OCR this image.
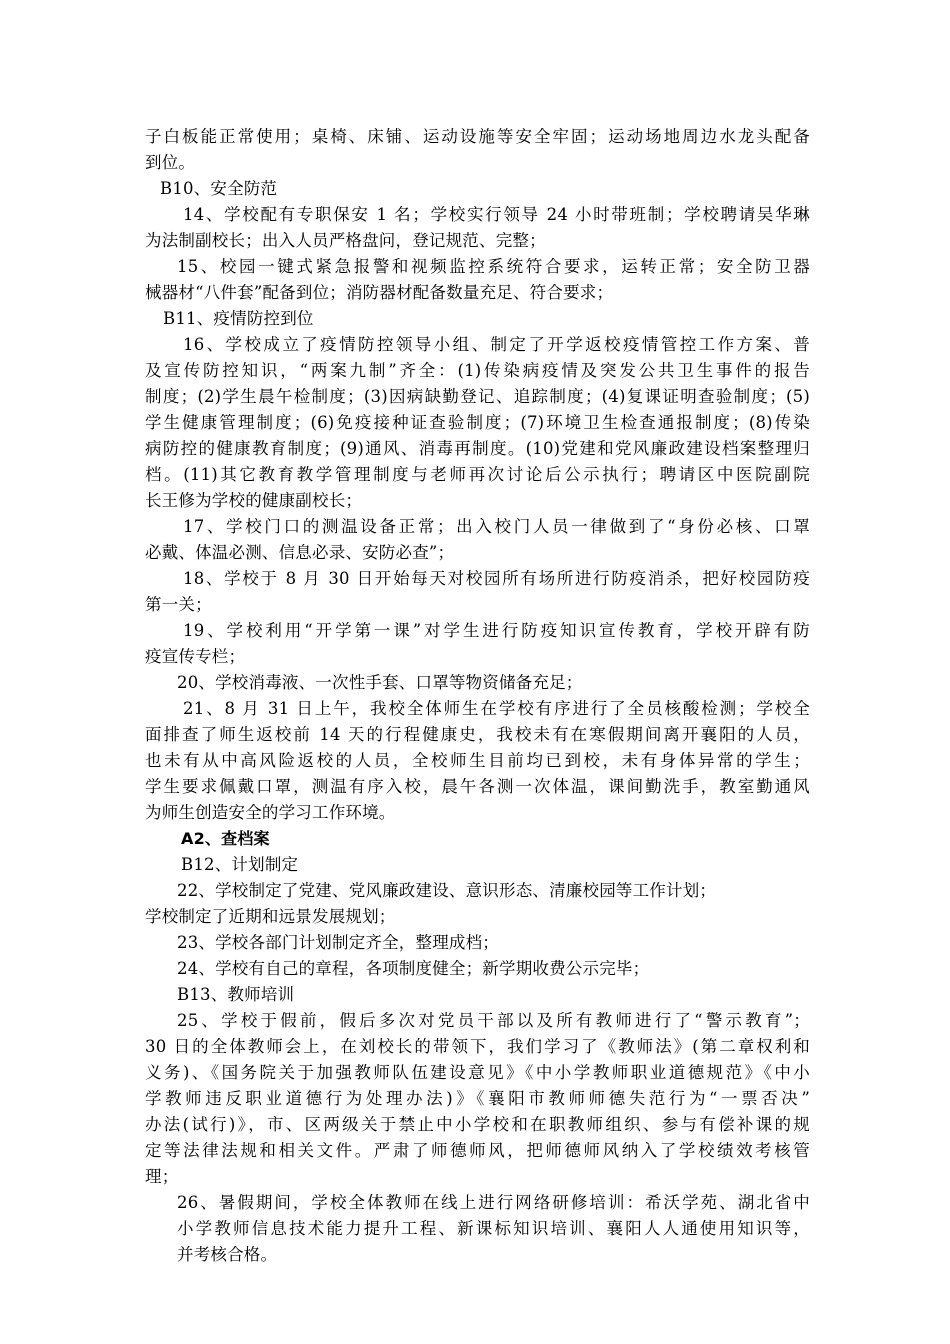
子白板能正常使用；桌椅、床铺、运动设施等安全牢固；运动场地周边水龙头配备
到位。
B10、安全防范
14、学校配有专职保安 1 名；学校实行领导 24 小时带班制；学校聘请吴华琳
为法制副校长；出入人员严格盘问，登记规范、完整；
15、校园一键式紧急报警和视频监控系统符合要求，运转正常；安全防卫器
械器材“八件套”配备到位；消防器材配备数量充足、符合要求；
B11、疫情防控到位
16、学校成立了疫情防控领导小组、制定了开学返校疫情管控工作方案、普
及宣传防控知识，“两案九制”齐全：(1)传染病疫情及突发公共卫生事件的报告
制度；(2)学生晨午检制度；(3)因病缺勤登记、追踪制度；(4)复课证明查验制度；(5)
学生健康管理制度；(6)免疫接种证查验制度；(7)环境卫生检查通报制度；(8)传染
病防控的健康教育制度；(9)通风、消毒再制度。(10)党建和党风廉政建设档案整理归
档。(11)其它教育教学管理制度与老师再次讨论后公示执行；聘请区中医院副院
长王修为学校的健康副校长；
17、学校门口的测温设备正常；出入校门人员一律做到了“身份必核、口罩
必戴、体温必测、信息必录、安防必查”；
18、学校于 8 月 30 日开始每天对校园所有场所进行防疫消杀，把好校园防疫
第一关；
19、学校利用“开学第一课”对学生进行防疫知识宣传教育，学校开辟有防
疫宣传专栏；
20、学校消毒液、一次性手套、口罩等物资储备充足；
21、8 月 31 日上午，我校全体师生在学校有序进行了全员核酸检测；学校全
面排查了师生返校前 14 天的行程健康史，我校未有在寒假期间离开襄阳的人员，
也未有从中高风险返校的人员，全校师生目前均已到校，未有身体异常的学生；
学生要求佩戴口罩，测温有序入校，晨午各测一次体温，课间勤洗手，教室勤通风
为师生创造安全的学习工作环境。
A2、查档案
B12、计划制定
22、学校制定了党建、党风廉政建设、意识形态、清廉校园等工作计划；
学校制定了近期和远景发展规划；
23、学校各部门计划制定齐全，整理成档；
24、学校有自己的章程，各项制度健全；新学期收费公示完毕；
B13、教师培训
25、学校于假前，假后多次对党员干部以及所有教师进行了“警示教育”；
30 日的全体教师会上，在刘校长的带领下，我们学习了《教师法》(第二章权利和
义务)、《国务院关于加强教师队伍建设意见》《中小学教师职业道德规范》《中小
学教师违反职业道德行为处理办法)》《襄阳市教师师德失范行为“一票否决”
办法(试行)》，市、区两级关于禁止中小学校和在职教师组织、参与有偿补课的规
定等法律法规和相关文件。严肃了师德师风，把师德师风纳入了学校绩效考核管
理；
26、暑假期间，学校全体教师在线上进行网络研修培训：希沃学苑、湖北省中
小学教师信息技术能力提升工程、新课标知识培训、襄阳人人通使用知识等，
并考核合格。
